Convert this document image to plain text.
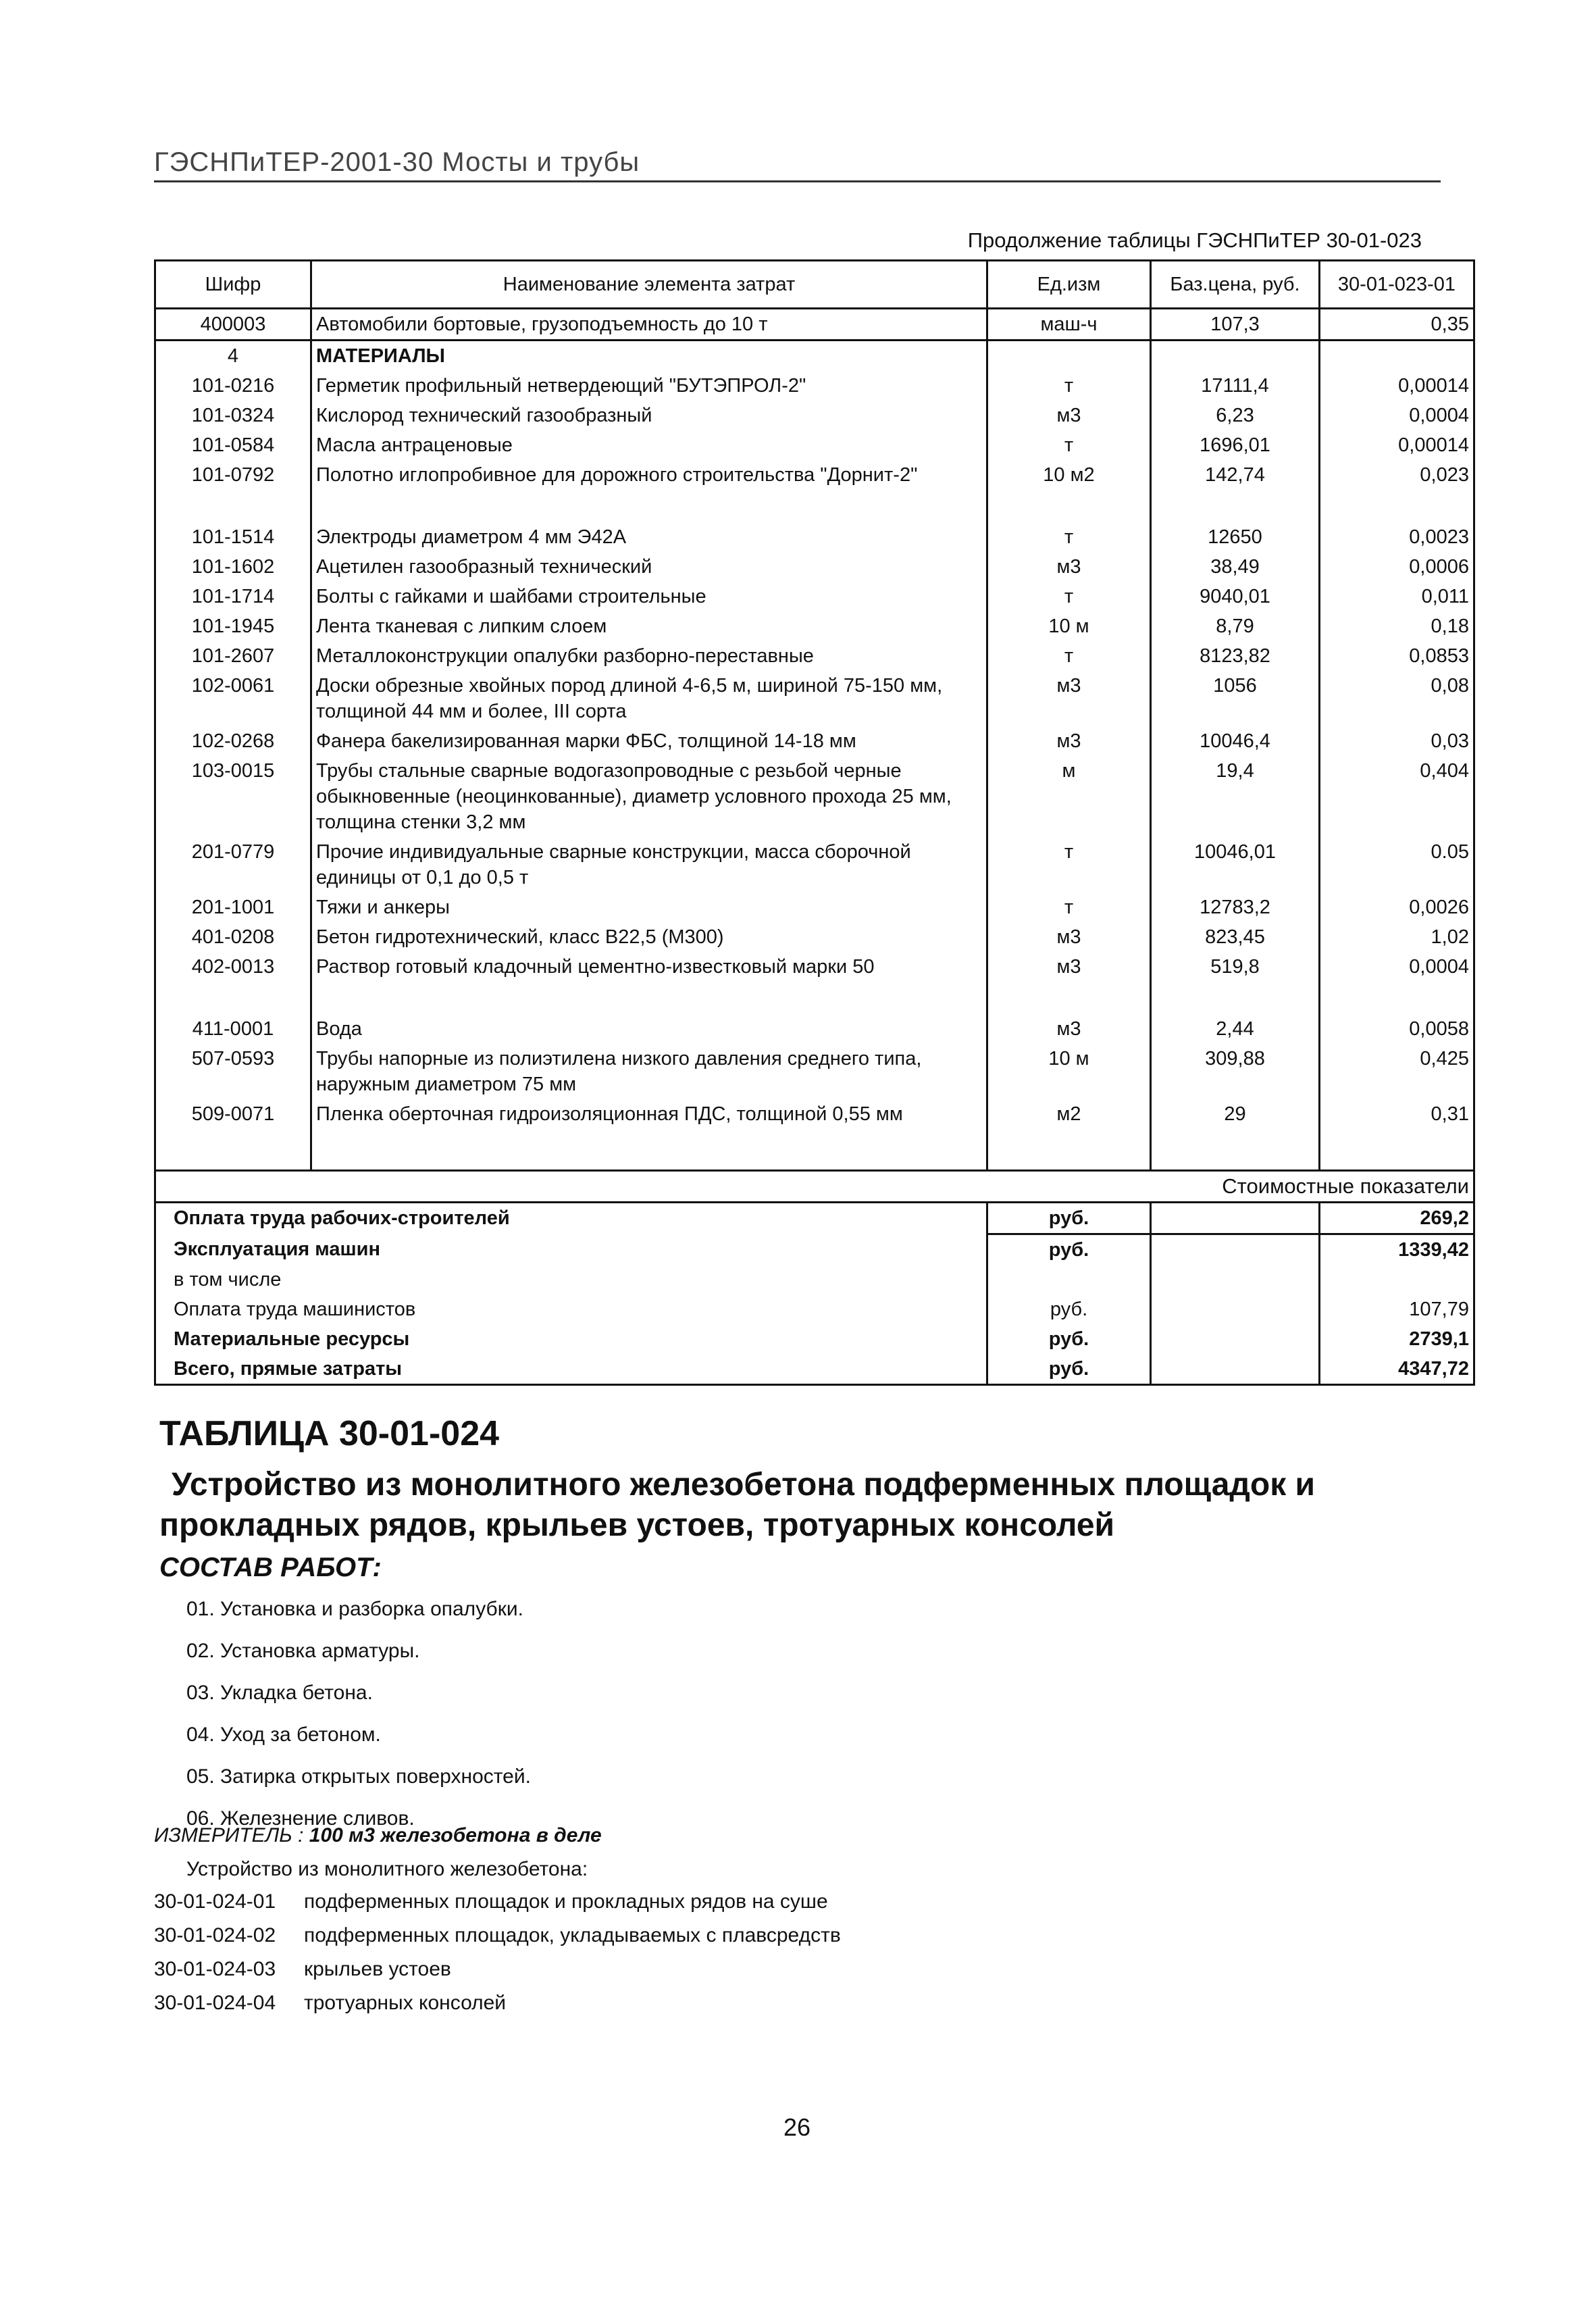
ГЭСНПиТЕР-2001-30 Мосты и трубы
Продолжение таблицы ГЭСНПиТЕР 30-01-023
Шифр	Наименование элемента затрат	Ед.изм	Баз.цена, руб.	30-01-023-01
400003	Автомобили бортовые, грузоподъемность до 10 т	маш-ч	107,3	0,35
4	МАТЕРИАЛЫ			
101-0216	Герметик профильный нетвердеющий "БУТЭПРОЛ-2"	т	17111,4	0,00014
101-0324	Кислород технический газообразный	м3	6,23	0,0004
101-0584	Масла антраценовые	т	1696,01	0,00014
101-0792	Полотно иглопробивное для дорожного строительства "Дорнит-2"	10 м2	142,74	0,023

101-1514	Электроды диаметром 4 мм Э42А	т	12650	0,0023
101-1602	Ацетилен газообразный технический	м3	38,49	0,0006
101-1714	Болты с гайками и шайбами строительные	т	9040,01	0,011
101-1945	Лента тканевая с липким слоем	10 м	8,79	0,18
101-2607	Металлоконструкции опалубки разборно-переставные	т	8123,82	0,0853
102-0061	Доски обрезные хвойных пород длиной 4-6,5 м, шириной 75-150 мм, толщиной 44 мм и более, III сорта	м3	1056	0,08
102-0268	Фанера бакелизированная марки ФБС, толщиной 14-18 мм	м3	10046,4	0,03
103-0015	Трубы стальные сварные водогазопроводные с резьбой черные обыкновенные (неоцинкованные), диаметр условного прохода 25 мм, толщина стенки 3,2 мм	м	19,4	0,404
201-0779	Прочие индивидуальные сварные конструкции, масса сборочной единицы от 0,1 до 0,5 т	т	10046,01	0.05
201-1001	Тяжи и анкеры	т	12783,2	0,0026
401-0208	Бетон гидротехнический, класс В22,5 (М300)	м3	823,45	1,02
402-0013	Раствор готовый кладочный цементно-известковый марки 50	м3	519,8	0,0004

411-0001	Вода	м3	2,44	0,0058
507-0593	Трубы напорные из полиэтилена низкого давления среднего типа, наружным диаметром 75 мм	10 м	309,88	0,425
509-0071	Пленка оберточная гидроизоляционная ПДС, толщиной 0,55 мм	м2	29	0,31

Стоимостные показатели				
Оплата труда рабочих-строителей		руб.		269,2
Эксплуатация машин		руб.		1339,42
в том числе				
Оплата труда машинистов		руб.		107,79
Материальные ресурсы		руб.		2739,1
Всего, прямые затраты		руб.		4347,72
ТАБЛИЦА 30-01-024
Устройство из монолитного железобетона подферменных площадок и
прокладных рядов, крыльев устоев, тротуарных консолей
СОСТАВ РАБОТ:
01. Установка и разборка опалубки.
02. Установка арматуры.
03. Укладка бетона.
04. Уход за бетоном.
05. Затирка открытых поверхностей.
06. Железнение сливов.
ИЗМЕРИТЕЛЬ : 100 м3 железобетона в деле
Устройство из монолитного железобетона:
30-01-024-01	подферменных площадок и прокладных рядов на суше
30-01-024-02	подферменных площадок, укладываемых с плавсредств
30-01-024-03	крыльев устоев
30-01-024-04	тротуарных консолей
26
